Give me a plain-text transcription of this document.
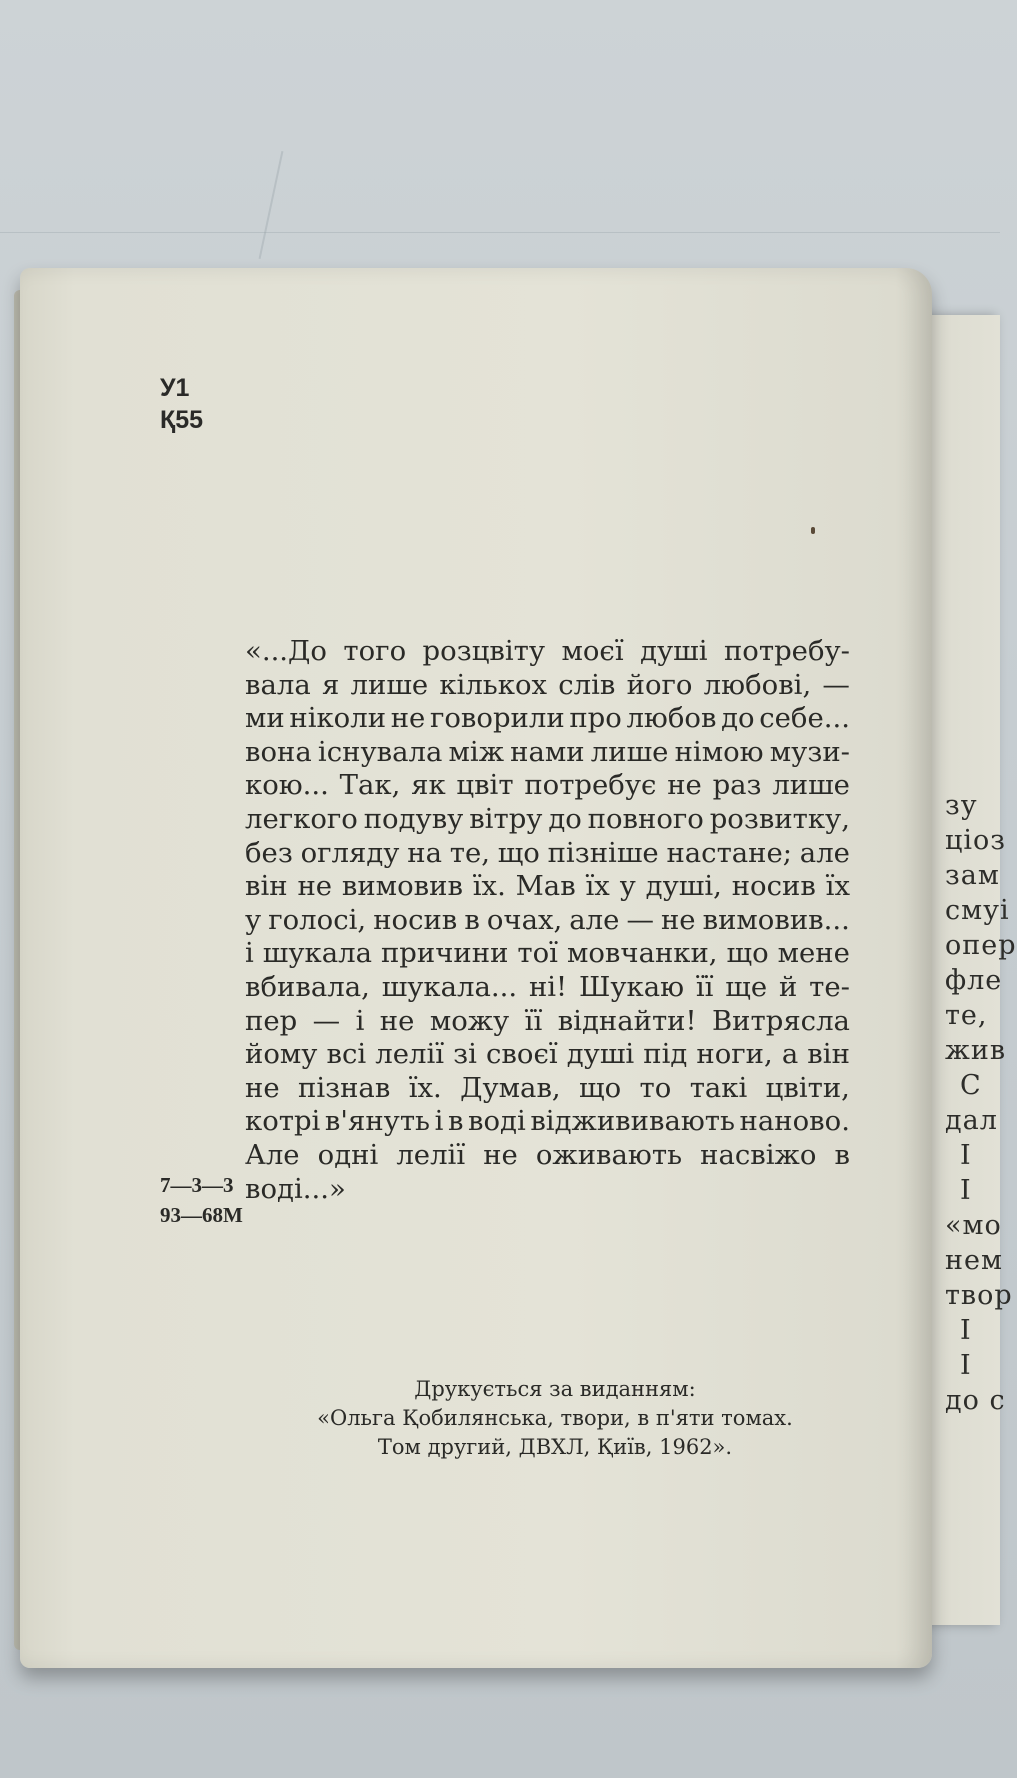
зу
ціоз
зам
смуі
опер
фле
те,
жив
С
дал
І
І
«мо
нем
твор
І
І
до с
У1
Қ55
«...До того розцвіту моєї душі потребу-
вала я лише кількох слів його любові, —
ми ніколи не говорили про любов до себе...
вона існувала між нами лише німою музи-
кою... Так, як цвіт потребує не раз лише
легкого подуву вітру до повного розвитку,
без огляду на те, що пізніше настане; але
він не вимовив їх. Мав їх у душі, носив їх
у голосі, носив в очах, але — не вимовив...
і шукала причини тої мовчанки, що мене
вбивала, шукала... ні! Шукаю її ще й те-
пер — і не можу її віднайти! Витрясла
йому всі лелії зі своєї душі під ноги, а він
не пізнав їх. Думав, що то такі цвіти,
котрі в'януть і в воді віджививають наново.
Але одні лелії не оживають насвіжо в
воді...»
7—3—3
93—68М
Друкується за виданням:
«Ольга Қобилянська, твори, в п'яти томах.
Том другий, ДВХЛ, Қиїв, 1962».
